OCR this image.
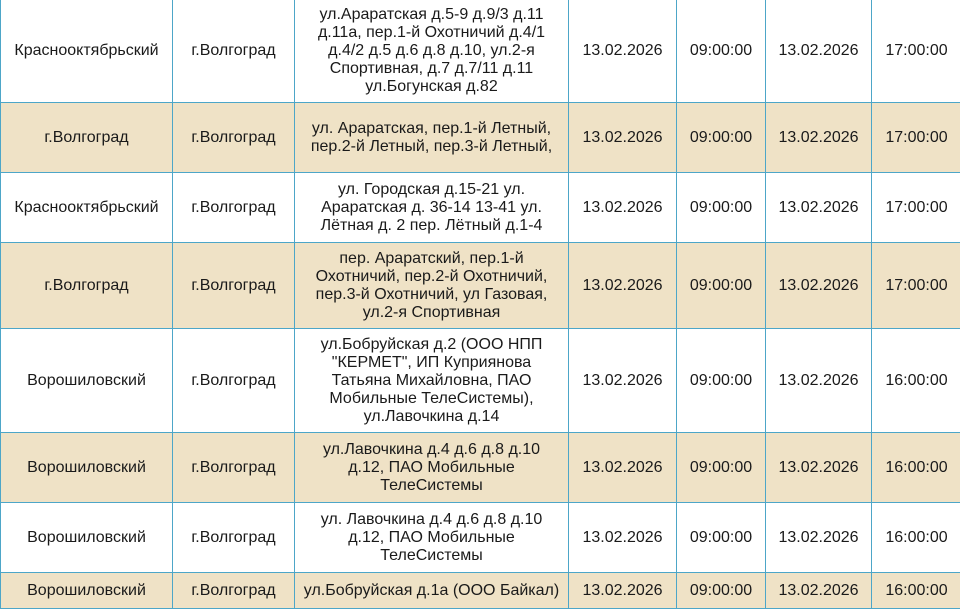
Краснооктябрьский	г.Волгоград	ул.Араратская д.5-9 д.9/3 д.11
д.11а, пер.1-й Охотничий д.4/1
д.4/2 д.5 д.6 д.8 д.10, ул.2-я
Спортивная, д.7 д.7/11 д.11
ул.Богунская д.82	13.02.2026	09:00:00	13.02.2026	17:00:00
г.Волгоград	г.Волгоград	ул. Араратская, пер.1-й Летный,
пер.2-й Летный, пер.3-й Летный,	13.02.2026	09:00:00	13.02.2026	17:00:00
Краснооктябрьский	г.Волгоград	ул. Городская д.15-21 ул.
Араратская д. 36-14 13-41 ул.
Лётная д. 2 пер. Лётный д.1-4	13.02.2026	09:00:00	13.02.2026	17:00:00
г.Волгоград	г.Волгоград	пер. Араратский, пер.1-й
Охотничий, пер.2-й Охотничий,
пер.3-й Охотничий, ул Газовая,
ул.2-я Спортивная	13.02.2026	09:00:00	13.02.2026	17:00:00
Ворошиловский	г.Волгоград	ул.Бобруйская д.2 (ООО НПП
"КЕРМЕТ", ИП Куприянова
Татьяна Михайловна, ПАО
Мобильные ТелеСистемы),
ул.Лавочкина д.14	13.02.2026	09:00:00	13.02.2026	16:00:00
Ворошиловский	г.Волгоград	ул.Лавочкина д.4 д.6 д.8 д.10
д.12, ПАО Мобильные
ТелеСистемы	13.02.2026	09:00:00	13.02.2026	16:00:00
Ворошиловский	г.Волгоград	ул. Лавочкина д.4 д.6 д.8 д.10
д.12, ПАО Мобильные
ТелеСистемы	13.02.2026	09:00:00	13.02.2026	16:00:00
Ворошиловский	г.Волгоград	ул.Бобруйская д.1а (ООО Байкал)	13.02.2026	09:00:00	13.02.2026	16:00:00
